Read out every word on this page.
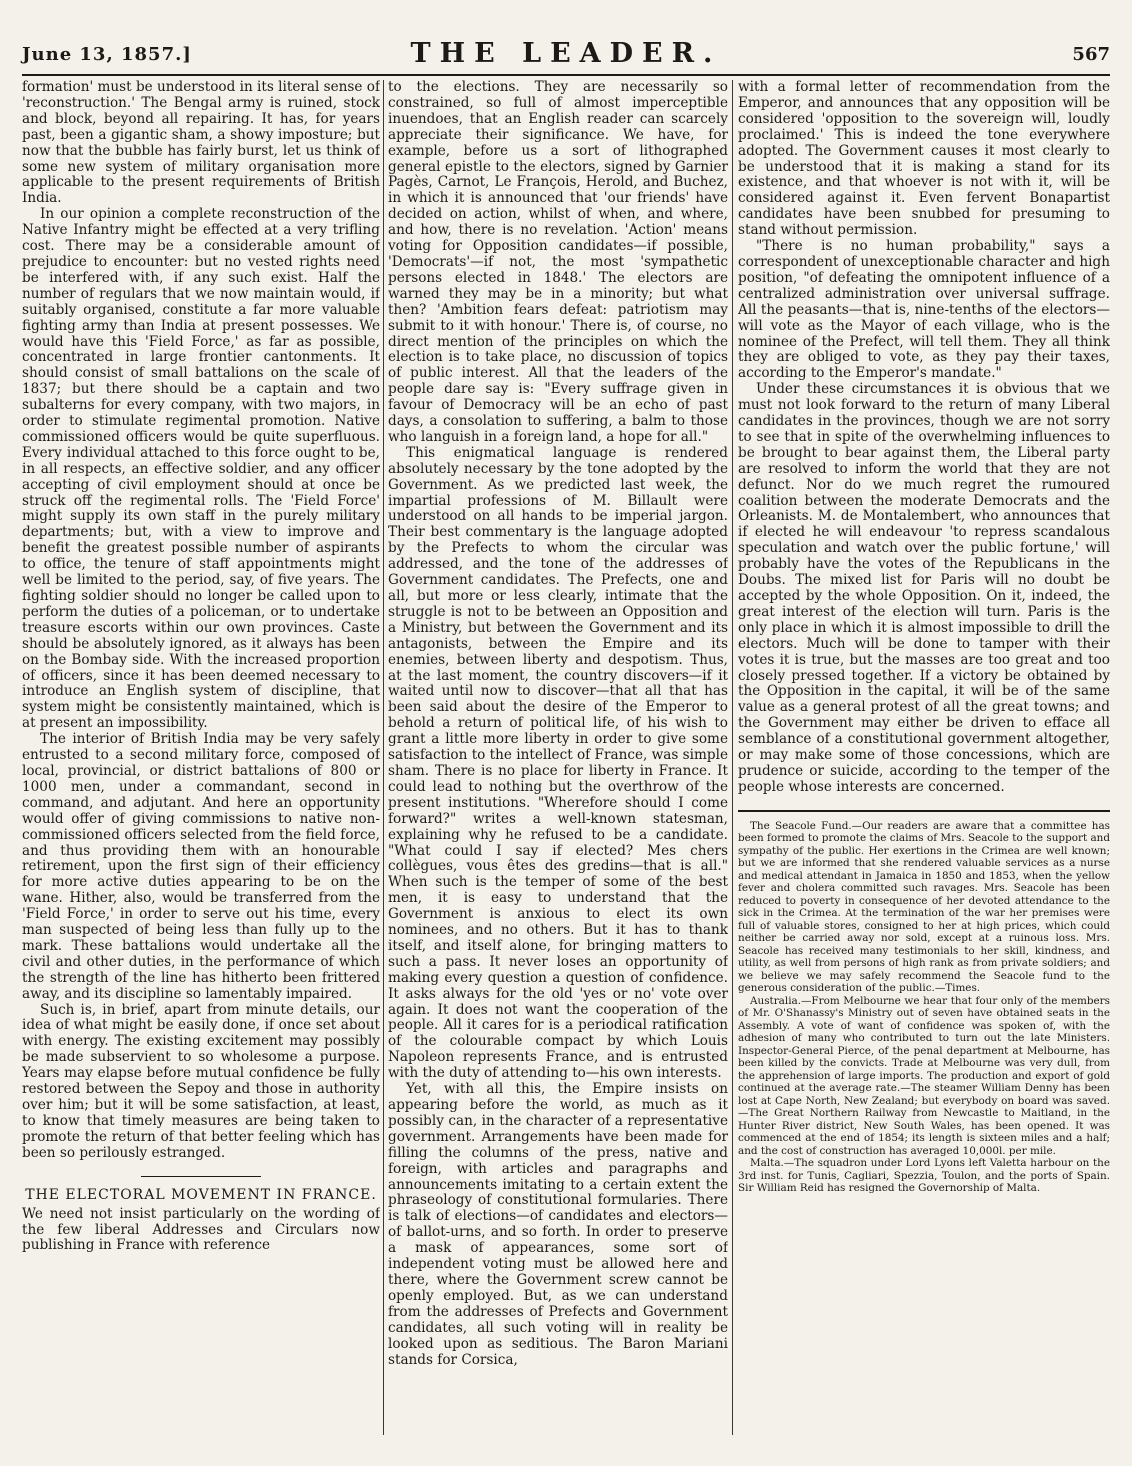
June 13, 1857.]	THE LEADER.	567

formation' must be understood in its literal sense of 'reconstruction.' The Bengal army is ruined, stock and block, beyond all repairing. It has, for years past, been a gigantic sham, a showy imposture; but now that the bubble has fairly burst, let us think of some new system of military organisation more applicable to the present requirements of British India.

In our opinion a complete reconstruction of the Native Infantry might be effected at a very trifling cost. There may be a considerable amount of prejudice to encounter: but no vested rights need be interfered with, if any such exist. Half the number of regulars that we now maintain would, if suitably organised, constitute a far more valuable fighting army than India at present possesses. We would have this 'Field Force,' as far as possible, concentrated in large frontier cantonments. It should consist of small battalions on the scale of 1837; but there should be a captain and two subalterns for every company, with two majors, in order to stimulate regimental promotion. Native commissioned officers would be quite superfluous. Every individual attached to this force ought to be, in all respects, an effective soldier, and any officer accepting of civil employment should at once be struck off the regimental rolls. The 'Field Force' might supply its own staff in the purely military departments; but, with a view to improve and benefit the greatest possible number of aspirants to office, the tenure of staff appointments might well be limited to the period, say, of five years. The fighting soldier should no longer be called upon to perform the duties of a policeman, or to undertake treasure escorts within our own provinces. Caste should be absolutely ignored, as it always has been on the Bombay side. With the increased proportion of officers, since it has been deemed necessary to introduce an English system of discipline, that system might be consistently maintained, which is at present an impossibility.

The interior of British India may be very safely entrusted to a second military force, composed of local, provincial, or district battalions of 800 or 1000 men, under a commandant, second in command, and adjutant. And here an opportunity would offer of giving commissions to native non-commissioned officers selected from the field force, and thus providing them with an honourable retirement, upon the first sign of their efficiency for more active duties appearing to be on the wane. Hither, also, would be transferred from the 'Field Force,' in order to serve out his time, every man suspected of being less than fully up to the mark. These battalions would undertake all the civil and other duties, in the performance of which the strength of the line has hitherto been frittered away, and its discipline so lamentably impaired.

Such is, in brief, apart from minute details, our idea of what might be easily done, if once set about with energy. The existing excitement may possibly be made subservient to so wholesome a purpose. Years may elapse before mutual confidence be fully restored between the Sepoy and those in authority over him; but it will be some satisfaction, at least, to know that timely measures are being taken to promote the return of that better feeling which has been so perilously estranged.

THE ELECTORAL MOVEMENT IN FRANCE.

We need not insist particularly on the wording of the few liberal Addresses and Circulars now publishing in France with reference

to the elections. They are necessarily so constrained, so full of almost imperceptible inuendoes, that an English reader can scarcely appreciate their significance. We have, for example, before us a sort of lithographed general epistle to the electors, signed by Garnier Pagès, Carnot, Le François, Herold, and Buchez, in which it is announced that 'our friends' have decided on action, whilst of when, and where, and how, there is no revelation. 'Action' means voting for Opposition candidates—if possible, 'Democrats'—if not, the most 'sympathetic persons elected in 1848.' The electors are warned they may be in a minority; but what then? 'Ambition fears defeat: patriotism may submit to it with honour.' There is, of course, no direct mention of the principles on which the election is to take place, no discussion of topics of public interest. All that the leaders of the people dare say is: "Every suffrage given in favour of Democracy will be an echo of past days, a consolation to suffering, a balm to those who languish in a foreign land, a hope for all."

This enigmatical language is rendered absolutely necessary by the tone adopted by the Government. As we predicted last week, the impartial professions of M. Billault were understood on all hands to be imperial jargon. Their best commentary is the language adopted by the Prefects to whom the circular was addressed, and the tone of the addresses of Government candidates. The Prefects, one and all, but more or less clearly, intimate that the struggle is not to be between an Opposition and a Ministry, but between the Government and its antagonists, between the Empire and its enemies, between liberty and despotism. Thus, at the last moment, the country discovers—if it waited until now to discover—that all that has been said about the desire of the Emperor to behold a return of political life, of his wish to grant a little more liberty in order to give some satisfaction to the intellect of France, was simple sham. There is no place for liberty in France. It could lead to nothing but the overthrow of the present institutions. "Wherefore should I come forward?" writes a well-known statesman, explaining why he refused to be a candidate. "What could I say if elected? Mes chers collègues, vous êtes des gredins—that is all." When such is the temper of some of the best men, it is easy to understand that the Government is anxious to elect its own nominees, and no others. But it has to thank itself, and itself alone, for bringing matters to such a pass. It never loses an opportunity of making every question a question of confidence. It asks always for the old 'yes or no' vote over again. It does not want the cooperation of the people. All it cares for is a periodical ratification of the colourable compact by which Louis Napoleon represents France, and is entrusted with the duty of attending to—his own interests.

Yet, with all this, the Empire insists on appearing before the world, as much as it possibly can, in the character of a representative government. Arrangements have been made for filling the columns of the press, native and foreign, with articles and paragraphs and announcements imitating to a certain extent the phraseology of constitutional formularies. There is talk of elections—of candidates and electors—of ballot-urns, and so forth. In order to preserve a mask of appearances, some sort of independent voting must be allowed here and there, where the Government screw cannot be openly employed. But, as we can understand from the addresses of Prefects and Government candidates, all such voting will in reality be looked upon as seditious. The Baron Mariani stands for Corsica,

with a formal letter of recommendation from the Emperor, and announces that any opposition will be considered 'opposition to the sovereign will, loudly proclaimed.' This is indeed the tone everywhere adopted. The Government causes it most clearly to be understood that it is making a stand for its existence, and that whoever is not with it, will be considered against it. Even fervent Bonapartist candidates have been snubbed for presuming to stand without permission.

"There is no human probability," says a correspondent of unexceptionable character and high position, "of defeating the omnipotent influence of a centralized administration over universal suffrage. All the peasants—that is, nine-tenths of the electors—will vote as the Mayor of each village, who is the nominee of the Prefect, will tell them. They all think they are obliged to vote, as they pay their taxes, according to the Emperor's mandate."

Under these circumstances it is obvious that we must not look forward to the return of many Liberal candidates in the provinces, though we are not sorry to see that in spite of the overwhelming influences to be brought to bear against them, the Liberal party are resolved to inform the world that they are not defunct. Nor do we much regret the rumoured coalition between the moderate Democrats and the Orleanists. M. de Montalembert, who announces that if elected he will endeavour 'to repress scandalous speculation and watch over the public fortune,' will probably have the votes of the Republicans in the Doubs. The mixed list for Paris will no doubt be accepted by the whole Opposition. On it, indeed, the great interest of the election will turn. Paris is the only place in which it is almost impossible to drill the electors. Much will be done to tamper with their votes it is true, but the masses are too great and too closely pressed together. If a victory be obtained by the Opposition in the capital, it will be of the same value as a general protest of all the great towns; and the Government may either be driven to efface all semblance of a constitutional government altogether, or may make some of those concessions, which are prudence or suicide, according to the temper of the people whose interests are concerned.

The Seacole Fund.—Our readers are aware that a committee has been formed to promote the claims of Mrs. Seacole to the support and sympathy of the public. Her exertions in the Crimea are well known; but we are informed that she rendered valuable services as a nurse and medical attendant in Jamaica in 1850 and 1853, when the yellow fever and cholera committed such ravages. Mrs. Seacole has been reduced to poverty in consequence of her devoted attendance to the sick in the Crimea. At the termination of the war her premises were full of valuable stores, consigned to her at high prices, which could neither be carried away nor sold, except at a ruinous loss. Mrs. Seacole has received many testimonials to her skill, kindness, and utility, as well from persons of high rank as from private soldiers; and we believe we may safely recommend the Seacole fund to the generous consideration of the public.—Times.

Australia.—From Melbourne we hear that four only of the members of Mr. O'Shanassy's Ministry out of seven have obtained seats in the Assembly. A vote of want of confidence was spoken of, with the adhesion of many who contributed to turn out the late Ministers. Inspector-General Pierce, of the penal department at Melbourne, has been killed by the convicts. Trade at Melbourne was very dull, from the apprehension of large imports. The production and export of gold continued at the average rate.—The steamer William Denny has been lost at Cape North, New Zealand; but everybody on board was saved.—The Great Northern Railway from Newcastle to Maitland, in the Hunter River district, New South Wales, has been opened. It was commenced at the end of 1854; its length is sixteen miles and a half; and the cost of construction has averaged 10,000l. per mile.

Malta.—The squadron under Lord Lyons left Valetta harbour on the 3rd inst. for Tunis, Cagliari, Spezzia, Toulon, and the ports of Spain. Sir William Reid has resigned the Governorship of Malta.
